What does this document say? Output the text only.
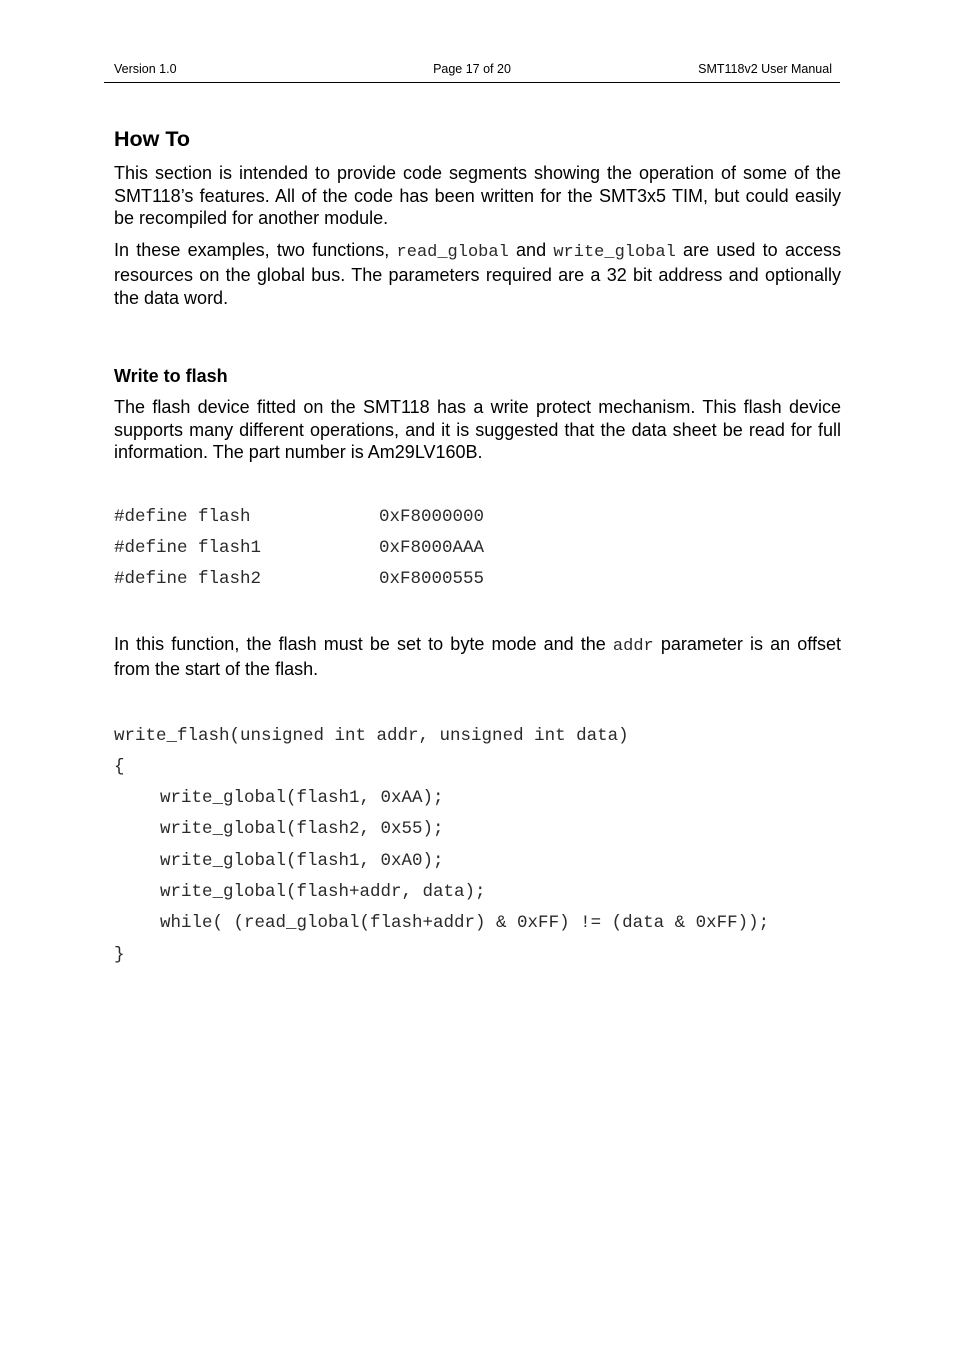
Version 1.0	Page 17 of 20	SMT118v2 User Manual
How To

This section is intended to provide code segments showing the operation of some of the SMT118’s features. All of the code has been written for the SMT3x5 TIM, but could easily be recompiled for another module.

In these examples, two functions, read_global and write_global are used to access resources on the global bus. The parameters required are a 32 bit address and optionally the data word.

Write to flash

The flash device fitted on the SMT118 has a write protect mechanism. This flash device supports many different operations, and it is suggested that the data sheet be read for full information. The part number is Am29LV160B.

#define flash	0xF8000000
#define flash1	0xF8000AAA
#define flash2	0xF8000555

In this function, the flash must be set to byte mode and the addr parameter is an offset from the start of the flash.

write_flash(unsigned int addr, unsigned int data)
{
write_global(flash1, 0xAA);
write_global(flash2, 0x55);
write_global(flash1, 0xA0);
write_global(flash+addr, data);
while( (read_global(flash+addr) & 0xFF) != (data & 0xFF));
}
